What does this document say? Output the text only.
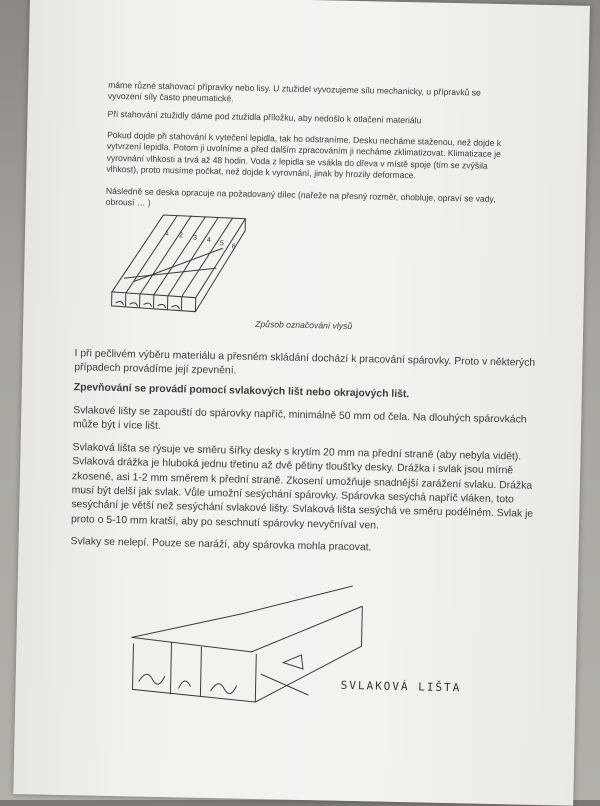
máme různé stahovací přípravky nebo lisy. U ztužidel vyvozujeme sílu mechanicky, u přípravků se vyvození síly často pneumatické.
Při stahování ztužidly dáme pod ztužidla příložku, aby nedošlo k otlačení materiálu
Pokud dojde při stahování k vytečení lepidla, tak ho odstraníme. Desku necháme staženou, než dojde k vytvrzení lepidla. Potom ji uvolníme a před dalším zpracováním ji necháme zklimatizovat. Klimatizace je vyrovnání vlhkosti a trvá až 48 hodin. Voda z lepidla se vsákla do dřeva v místě spoje (tím se zvýšila vlhkost), proto musíme počkat, než dojde k vyrovnání, jinak by hrozily deformace.
Následně se deska opracuje na požadovaný dílec (nařeže na přesný rozměr, ohobluje, opraví se vady, obrousí … )
1 2 3 4 5 6
Způsob označování vlysů
I při pečlivém výběru materiálu a přesném skládání dochází k pracování spárovky. Proto v některých případech provádíme její zpevnění.
Zpevňování se provádí pomocí svlakových lišt nebo okrajových lišt.
Svlakové lišty se zapouští do spárovky napříč, minimálně 50 mm od čela. Na dlouhých spárovkách může být i více lišt.
Svlaková lišta se rýsuje ve směru šířky desky s krytím 20 mm na přední straně (aby nebyla vidět). Svlaková drážka je hluboká jednu třetinu až dvě pětiny tloušťky desky. Drážka i svlak jsou mírně zkosené, asi 1-2 mm směrem k přední straně. Zkosení umožňuje snadnější zarážení svlaku. Drážka musí být delší jak svlak. Vůle umožní sesýchání spárovky. Spárovka sesýchá napříč vláken, toto sesýchání je větší než sesýchání svlakové lišty. Svlaková lišta sesýchá ve směru podélném. Svlak je proto o 5-10 mm kratší, aby po seschnutí spárovky nevyčníval ven.
Svlaky se nelepí. Pouze se naráží, aby spárovka mohla pracovat.
SVLAKOVÁ LIŠTA
